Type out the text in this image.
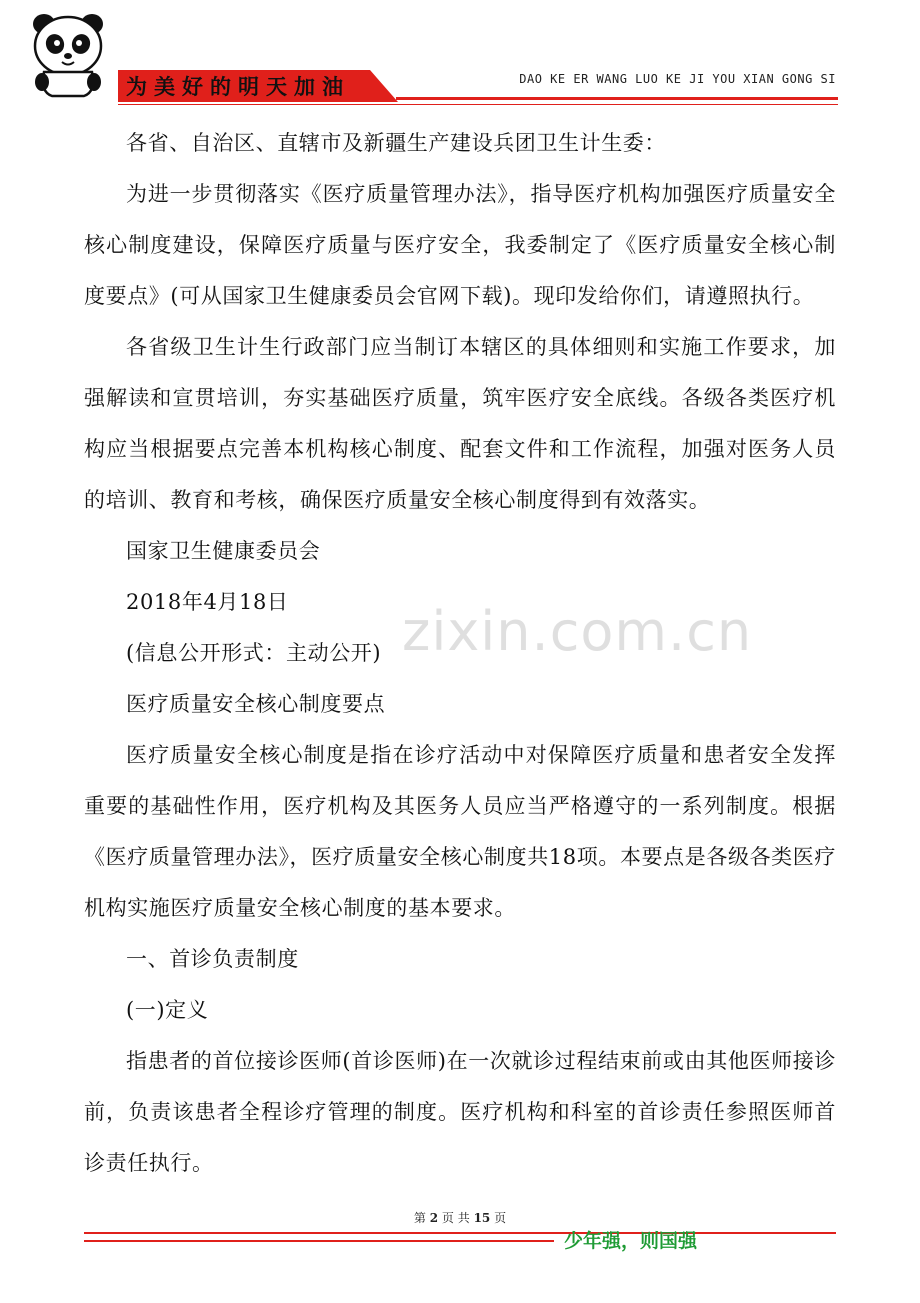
为美好的明天加油	DAO KE ER WANG LUO KE JI YOU XIAN GONG SI

各省、自治区、直辖市及新疆生产建设兵团卫生计生委：

为进一步贯彻落实《医疗质量管理办法》，指导医疗机构加强医疗质量安全核心制度建设，保障医疗质量与医疗安全，我委制定了《医疗质量安全核心制度要点》(可从国家卫生健康委员会官网下载)。现印发给你们，请遵照执行。

各省级卫生计生行政部门应当制订本辖区的具体细则和实施工作要求，加强解读和宣贯培训，夯实基础医疗质量，筑牢医疗安全底线。各级各类医疗机构应当根据要点完善本机构核心制度、配套文件和工作流程，加强对医务人员的培训、教育和考核，确保医疗质量安全核心制度得到有效落实。

国家卫生健康委员会

2018年4月18日

(信息公开形式：主动公开)

医疗质量安全核心制度要点

医疗质量安全核心制度是指在诊疗活动中对保障医疗质量和患者安全发挥重要的基础性作用，医疗机构及其医务人员应当严格遵守的一系列制度。根据《医疗质量管理办法》，医疗质量安全核心制度共18项。本要点是各级各类医疗机构实施医疗质量安全核心制度的基本要求。

一、首诊负责制度

(一)定义

指患者的首位接诊医师(首诊医师)在一次就诊过程结束前或由其他医师接诊前，负责该患者全程诊疗管理的制度。医疗机构和科室的首诊责任参照医师首诊责任执行。

zixin.com.cn
第 2 页 共 15 页
少年强，则国强
